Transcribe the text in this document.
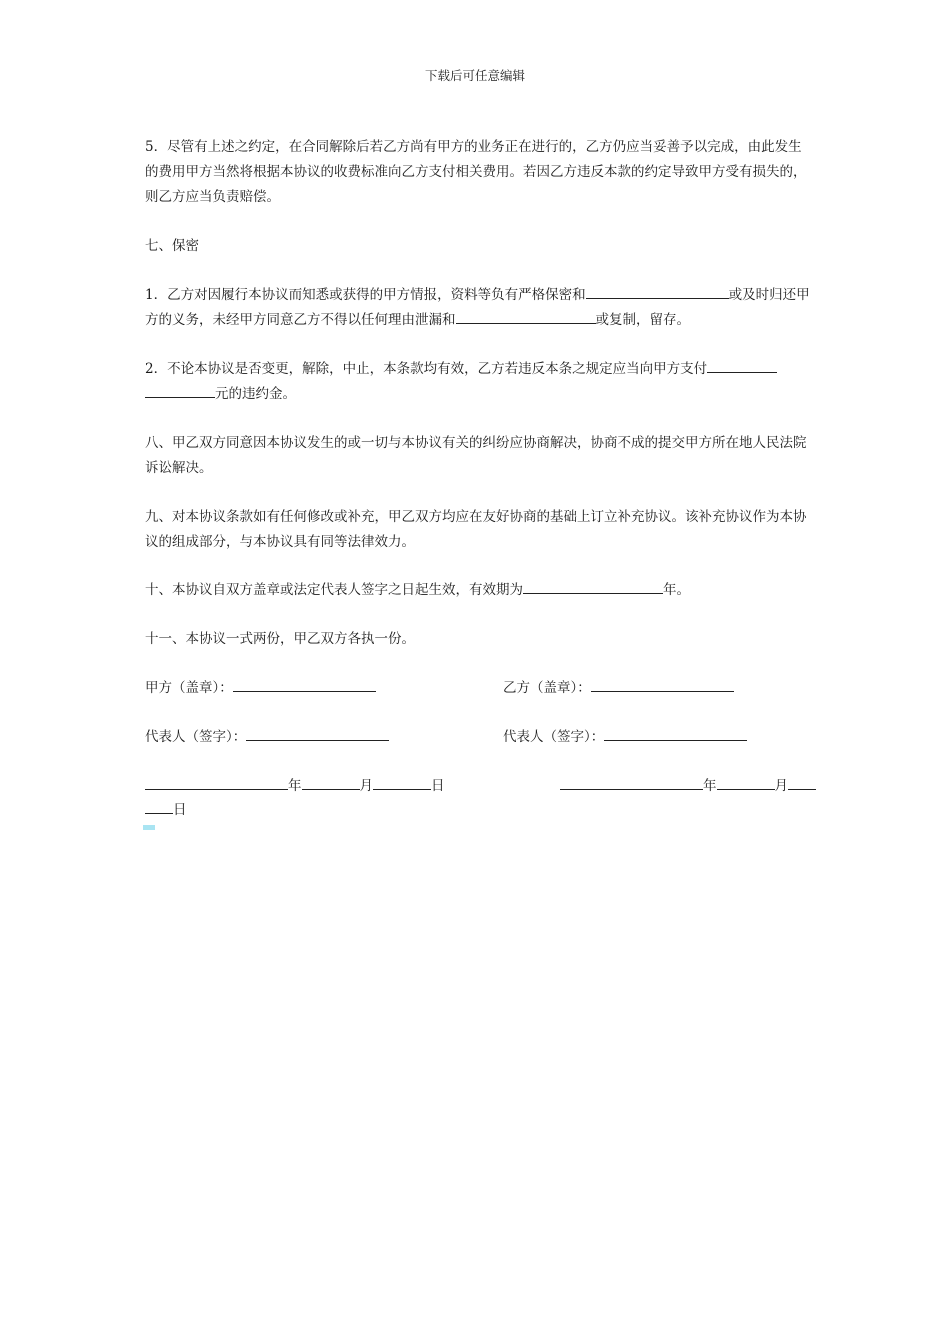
下载后可任意编辑

5．尽管有上述之约定，在合同解除后若乙方尚有甲方的业务正在进行的，乙方仍应当妥善予以完成，由此发生的费用甲方当然将根据本协议的收费标准向乙方支付相关费用。若因乙方违反本款的约定导致甲方受有损失的，则乙方应当负责赔偿。

七、保密

1．乙方对因履行本协议而知悉或获得的甲方情报，资料等负有严格保密和	或及时归还甲方的义务，未经甲方同意乙方不得以任何理由泄漏和	或复制，留存。

2．不论本协议是否变更，解除，中止，本条款均有效，乙方若违反本条之规定应当向甲方支付元的违约金。

八、甲乙双方同意因本协议发生的或一切与本协议有关的纠纷应协商解决，协商不成的提交甲方所在地人民法院诉讼解决。

九、对本协议条款如有任何修改或补充，甲乙双方均应在友好协商的基础上订立补充协议。该补充协议作为本协议的组成部分，与本协议具有同等法律效力。

十、本协议自双方盖章或法定代表人签字之日起生效，有效期为	年。

十一、本协议一式两份，甲乙双方各执一份。

甲方（盖章）：	乙方（盖章）：
代表人（签字）：	代表人（签字）：
年	月	日	年	月
日
